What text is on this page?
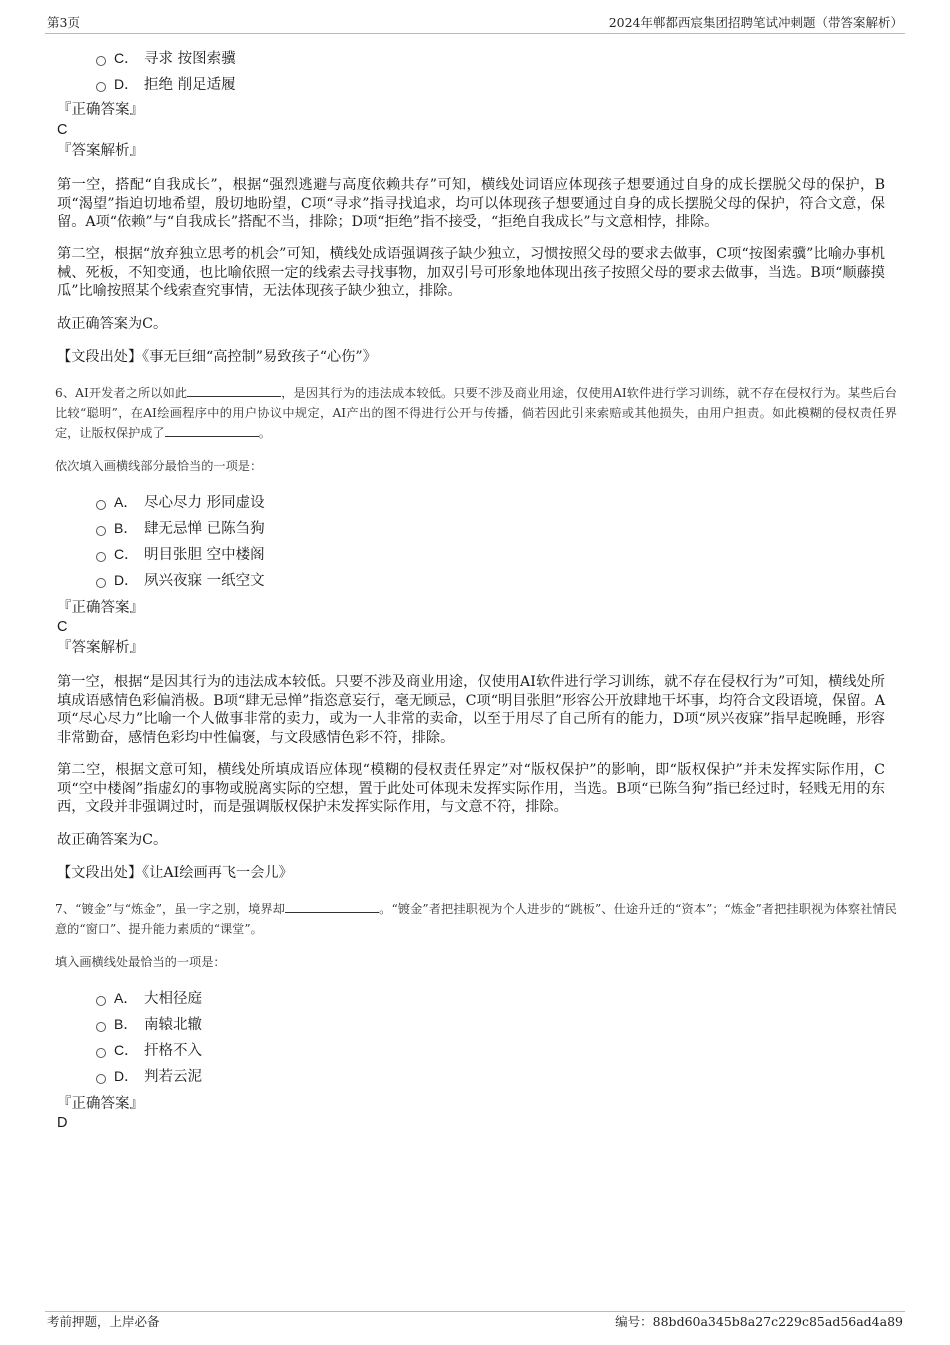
第3页	2024年郸都西宸集团招聘笔试冲刺题（带答案解析）
C． 寻求 按图索骥
D． 拒绝 削足适履
『正确答案』
C
『答案解析』
第一空，搭配“自我成长”，根据“强烈逃避与高度依赖共存”可知，横线处词语应体现孩子想要通过自身的成长摆脱父母的保护，B项“渴望”指迫切地希望，殷切地盼望，C项“寻求”指寻找追求，均可以体现孩子想要通过自身的成长摆脱父母的保护，符合文意，保留。A项“依赖”与“自我成长”搭配不当，排除；D项“拒绝”指不接受，“拒绝自我成长”与文意相悖，排除。
第二空，根据“放弃独立思考的机会”可知，横线处成语强调孩子缺少独立，习惯按照父母的要求去做事，C项“按图索骥”比喻办事机械、死板，不知变通，也比喻依照一定的线索去寻找事物，加双引号可形象地体现出孩子按照父母的要求去做事，当选。B项“顺藤摸瓜”比喻按照某个线索查究事情，无法体现孩子缺少独立，排除。
故正确答案为C。
【文段出处】《事无巨细“高控制”易致孩子“心伤”》
6、AI开发者之所以如此	，是因其行为的违法成本较低。只要不涉及商业用途，仅使用AI软件进行学习训练，就不存在侵权行为。某些后台比较“聪明”，在AI绘画程序中的用户协议中规定，AI产出的图不得进行公开与传播，倘若因此引来索赔或其他损失，由用户担责。如此模糊的侵权责任界定，让版权保护成了	。
依次填入画横线部分最恰当的一项是：
A． 尽心尽力 形同虚设
B． 肆无忌惮 已陈刍狗
C． 明目张胆 空中楼阁
D． 夙兴夜寐 一纸空文
『正确答案』
C
『答案解析』
第一空，根据“是因其行为的违法成本较低。只要不涉及商业用途，仅使用AI软件进行学习训练，就不存在侵权行为”可知，横线处所填成语感情色彩偏消极。B项“肆无忌惮”指恣意妄行，毫无顾忌，C项“明目张胆”形容公开放肆地干坏事，均符合文段语境，保留。A项“尽心尽力”比喻一个人做事非常的卖力，或为一人非常的卖命，以至于用尽了自己所有的能力，D项“夙兴夜寐”指早起晚睡，形容非常勤奋，感情色彩均中性偏褒，与文段感情色彩不符，排除。
第二空，根据文意可知，横线处所填成语应体现“模糊的侵权责任界定”对“版权保护”的影响，即“版权保护”并未发挥实际作用，C项“空中楼阁”指虚幻的事物或脱离实际的空想，置于此处可体现未发挥实际作用，当选。B项“已陈刍狗”指已经过时，轻贱无用的东西，文段并非强调过时，而是强调版权保护未发挥实际作用，与文意不符，排除。
故正确答案为C。
【文段出处】《让AI绘画再飞一会儿》
7、“镀金”与“炼金”，虽一字之别，境界却	。“镀金”者把挂职视为个人进步的“跳板”、仕途升迁的“资本”；“炼金”者把挂职视为体察社情民意的“窗口”、提升能力素质的“课堂”。
填入画横线处最恰当的一项是：
A． 大相径庭
B． 南辕北辙
C． 扞格不入
D． 判若云泥
『正确答案』
D
考前押题，上岸必备	编号：88bd60a345b8a27c229c85ad56ad4a89
